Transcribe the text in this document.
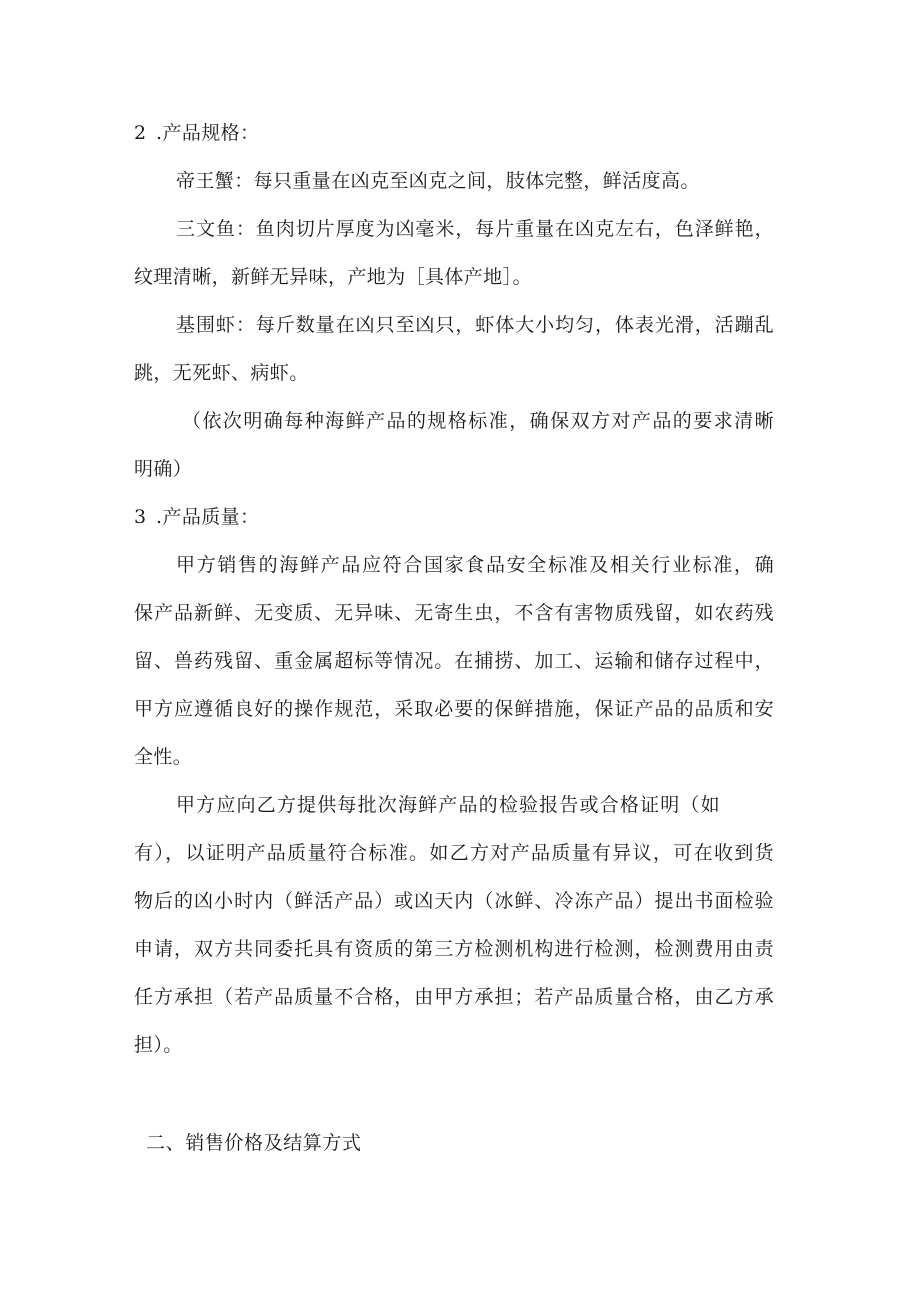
2 .产品规格：
帝王蟹：每只重量在凶克至凶克之间，肢体完整，鲜活度高。
三文鱼：鱼肉切片厚度为凶毫米，每片重量在凶克左右，色泽鲜艳，
纹理清晰，新鲜无异味，产地为［具体产地］。
基围虾：每斤数量在凶只至凶只，虾体大小均匀，体表光滑，活蹦乱
跳，无死虾、病虾。
（依次明确每种海鲜产品的规格标准，确保双方对产品的要求清晰
明确）
3 .产品质量：
甲方销售的海鲜产品应符合国家食品安全标准及相关行业标准，确
保产品新鲜、无变质、无异味、无寄生虫，不含有害物质残留，如农药残
留、兽药残留、重金属超标等情况。在捕捞、加工、运输和储存过程中，
甲方应遵循良好的操作规范，采取必要的保鲜措施，保证产品的品质和安
全性。
甲方应向乙方提供每批次海鲜产品的检验报告或合格证明（如
有），以证明产品质量符合标准。如乙方对产品质量有异议，可在收到货
物后的凶小时内（鲜活产品）或凶天内（冰鲜、冷冻产品）提出书面检验
申请，双方共同委托具有资质的第三方检测机构进行检测，检测费用由责
任方承担（若产品质量不合格，由甲方承担；若产品质量合格，由乙方承
担）。
二、销售价格及结算方式
